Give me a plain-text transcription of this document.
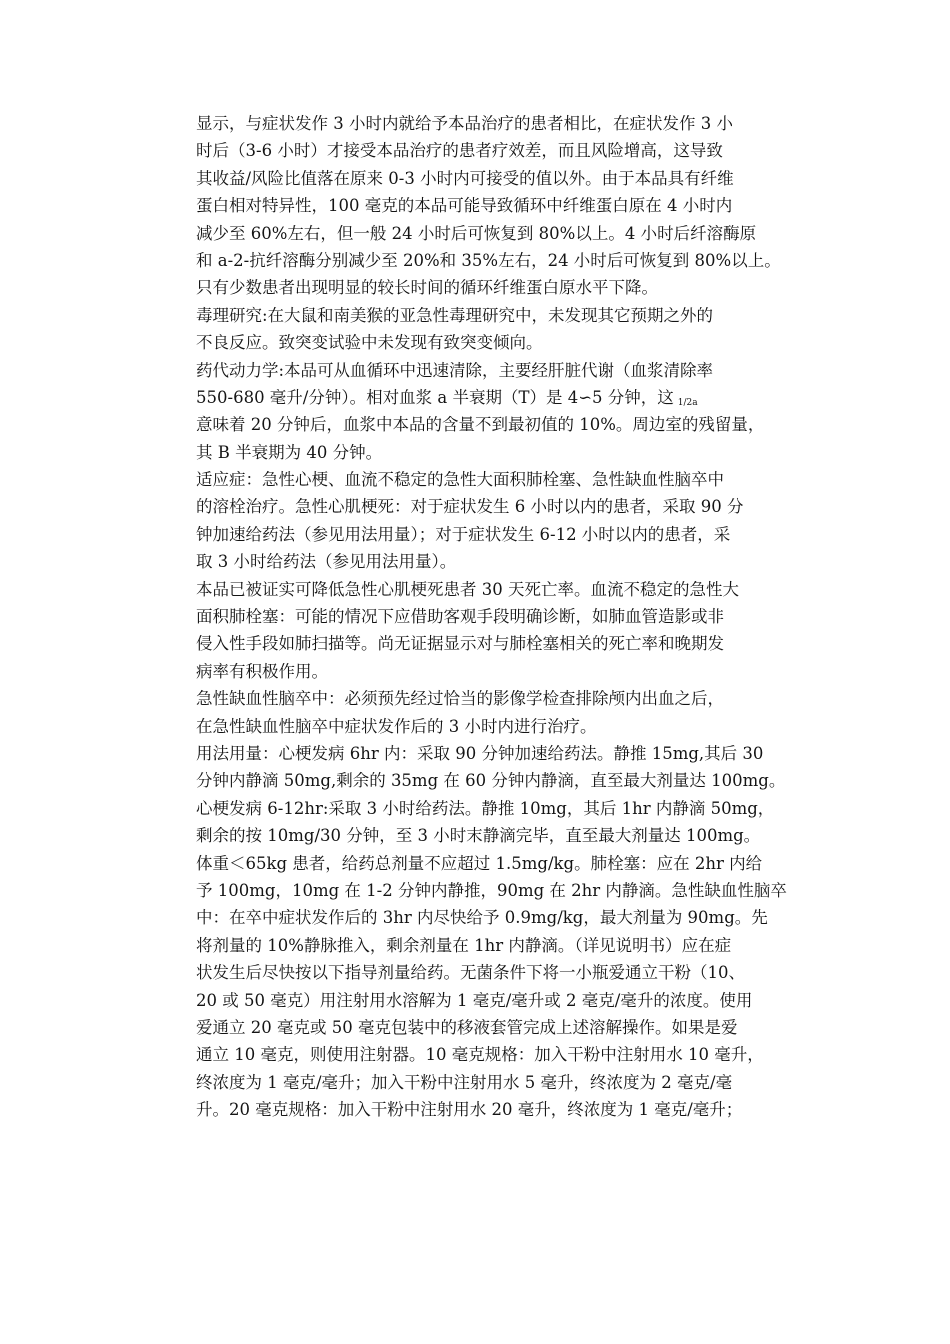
显示，与症状发作 3 小时内就给予本品治疗的患者相比，在症状发作 3 小
时后（3-6 小时）才接受本品治疗的患者疗效差，而且风险增高，这导致
其收益/风险比值落在原来 0-3 小时内可接受的值以外。由于本品具有纤维
蛋白相对特异性，100 毫克的本品可能导致循环中纤维蛋白原在 4 小时内
减少至 60%左右，但一般 24 小时后可恢复到 80%以上。4 小时后纤溶酶原
和 a-2-抗纤溶酶分别减少至 20%和 35%左右，24 小时后可恢复到 80%以上。
只有少数患者出现明显的较长时间的循环纤维蛋白原水平下降。
毒理研究:在大鼠和南美猴的亚急性毒理研究中，未发现其它预期之外的
不良反应。致突变试验中未发现有致突变倾向。
药代动力学:本品可从血循环中迅速清除，主要经肝脏代谢（血浆清除率
550-680 毫升/分钟）。相对血浆 a 半衰期（T）是 4∽5 分钟，这 1/2a
意味着 20 分钟后，血浆中本品的含量不到最初值的 10%。周边室的残留量，
其 B 半衰期为 40 分钟。
适应症：急性心梗、血流不稳定的急性大面积肺栓塞、急性缺血性脑卒中
的溶栓治疗。急性心肌梗死：对于症状发生 6 小时以内的患者，采取 90 分
钟加速给药法（参见用法用量）；对于症状发生 6-12 小时以内的患者，采
取 3 小时给药法（参见用法用量）。
本品已被证实可降低急性心肌梗死患者 30 天死亡率。血流不稳定的急性大
面积肺栓塞：可能的情况下应借助客观手段明确诊断，如肺血管造影或非
侵入性手段如肺扫描等。尚无证据显示对与肺栓塞相关的死亡率和晚期发
病率有积极作用。
急性缺血性脑卒中：必须预先经过恰当的影像学检查排除颅内出血之后，
在急性缺血性脑卒中症状发作后的 3 小时内进行治疗。
用法用量：心梗发病 6hr 内：采取 90 分钟加速给药法。静推 15mg,其后 30
分钟内静滴 50mg,剩余的 35mg 在 60 分钟内静滴，直至最大剂量达 100mg。
心梗发病 6-12hr:采取 3 小时给药法。静推 10mg，其后 1hr 内静滴 50mg，
剩余的按 10mg/30 分钟，至 3 小时末静滴完毕，直至最大剂量达 100mg。
体重＜65kg 患者，给药总剂量不应超过 1.5mg/kg。肺栓塞：应在 2hr 内给
予 100mg，10mg 在 1-2 分钟内静推，90mg 在 2hr 内静滴。急性缺血性脑卒
中：在卒中症状发作后的 3hr 内尽快给予 0.9mg/kg，最大剂量为 90mg。先
将剂量的 10%静脉推入，剩余剂量在 1hr 内静滴。（详见说明书）应在症
状发生后尽快按以下指导剂量给药。无菌条件下将一小瓶爱通立干粉（10、
20 或 50 毫克）用注射用水溶解为 1 毫克/毫升或 2 毫克/毫升的浓度。使用
爱通立 20 毫克或 50 毫克包装中的移液套管完成上述溶解操作。如果是爱
通立 10 毫克，则使用注射器。10 毫克规格：加入干粉中注射用水 10 毫升，
终浓度为 1 毫克/毫升；加入干粉中注射用水 5 毫升，终浓度为 2 毫克/毫
升。20 毫克规格：加入干粉中注射用水 20 毫升，终浓度为 1 毫克/毫升；
